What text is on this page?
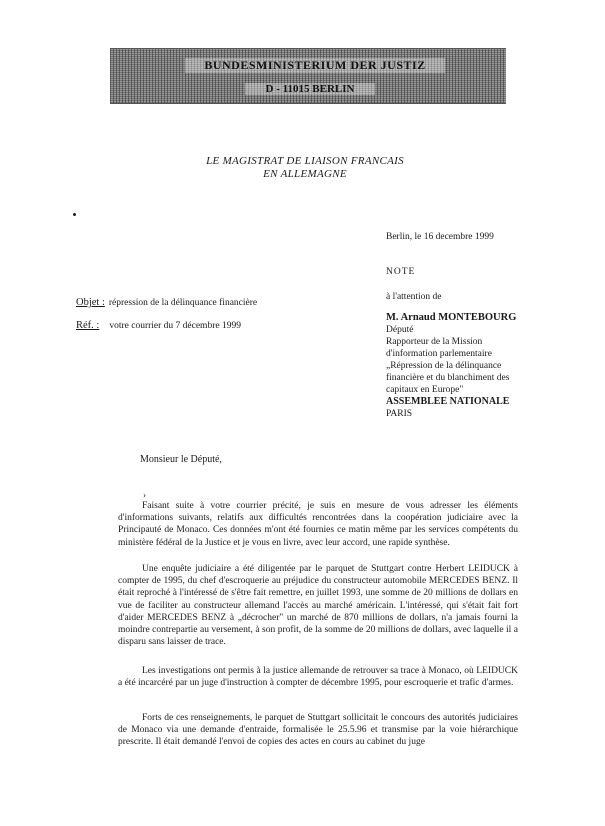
BUNDESMINISTERIUM DER JUSTIZ
D - 11015 BERLIN
LE MAGISTRAT DE LIAISON FRANCAIS
EN ALLEMAGNE
Berlin, le 16 decembre 1999
NOTE
Objet : répression de la délinquance financière
à l'attention de
Réf. : votre courrier du 7 décembre 1999
M. Arnaud MONTEBOURG
Député
Rapporteur de la Mission
d'information parlementaire
„Répression de la délinquance
financière et du blanchiment des
capitaux en Europe"
ASSEMBLEE NATIONALE
PARIS
Monsieur le Député,
›
Faisant suite à votre courrier précité, je suis en mesure de vous adresser les éléments d'informations suivants, relatifs aux difficultés rencontrées dans la coopération judiciaire avec la Principauté de Monaco. Ces données m'ont été fournies ce matin même par les services compétents du ministère fédéral de la Justice et je vous en livre, avec leur accord, une rapide synthèse.
Une enquête judiciaire a été diligentée par le parquet de Stuttgart contre Herbert LEIDUCK à compter de 1995, du chef d'escroquerie au préjudice du constructeur automobile MERCEDES BENZ. Il était reproché à l'intéressé de s'être fait remettre, en juillet 1993, une somme de 20 millions de dollars en vue de faciliter au constructeur allemand l'accès au marché américain. L'intéressé, qui s'était fait fort d'aider MERCEDES BENZ à „décrocher" un marché de 870 millions de dollars, n'a jamais fourni la moindre contrepartie au versement, à son profit, de la somme de 20 millions de dollars, avec laquelle il a disparu sans laisser de trace.
Les investigations ont permis à la justice allemande de retrouver sa trace à Monaco, où LEIDUCK a été incarcéré par un juge d'instruction à compter de décembre 1995, pour escroquerie et trafic d'armes.
Forts de ces renseignements, le parquet de Stuttgart sollicitait le concours des autorités judiciaires de Monaco via une demande d'entraide, formalisée le 25.5.96 et transmise par la voie hiérarchique prescrite. Il était demandé l'envoi de copies des actes en cours au cabinet du juge
